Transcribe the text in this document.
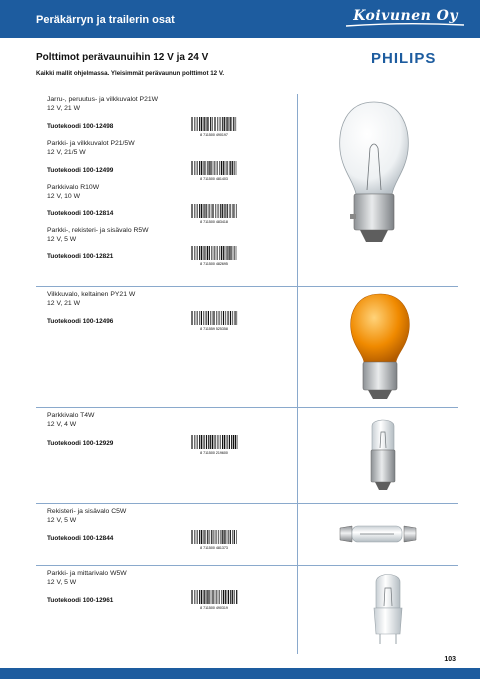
Peräkärryn ja trailerin osat	Koivunen Oy
Polttimot perävaunuihin 12 V ja 24 V
Kaikki mallit ohjelmassa. Yleisimmät perävaunun polttimot 12 V.
PHILIPS
Jarru-, peruutus- ja vilkkuvalot P21W
12 V, 21 W
Tuotekoodi 100-12498
8 711500 490197
Parkki- ja vilkkuvalot P21/5W
12 V, 21/5 W
Tuotekoodi 100-12499
8 711500 481403
Parkkivalo R10W
12 V, 10 W
Tuotekoodi 100-12814
8 711500 483418
Parkki-, rekisteri- ja sisävalo R5W
12 V, 5 W
Tuotekoodi 100-12821
8 711500 482695
Vilkkuvalo, keltainen PY21 W
12 V, 21 W
Tuotekoodi 100-12496
8 711559 525358
Parkkivalo T4W
12 V, 4 W
Tuotekoodi 100-12929
8 711500 219600
Rekisteri- ja sisävalo C5W
12 V, 5 W
Tuotekoodi 100-12844
8 711500 481373
Parkki- ja mittarivalo W5W
12 V, 5 W
Tuotekoodi 100-12961
8 711500 490319
103
